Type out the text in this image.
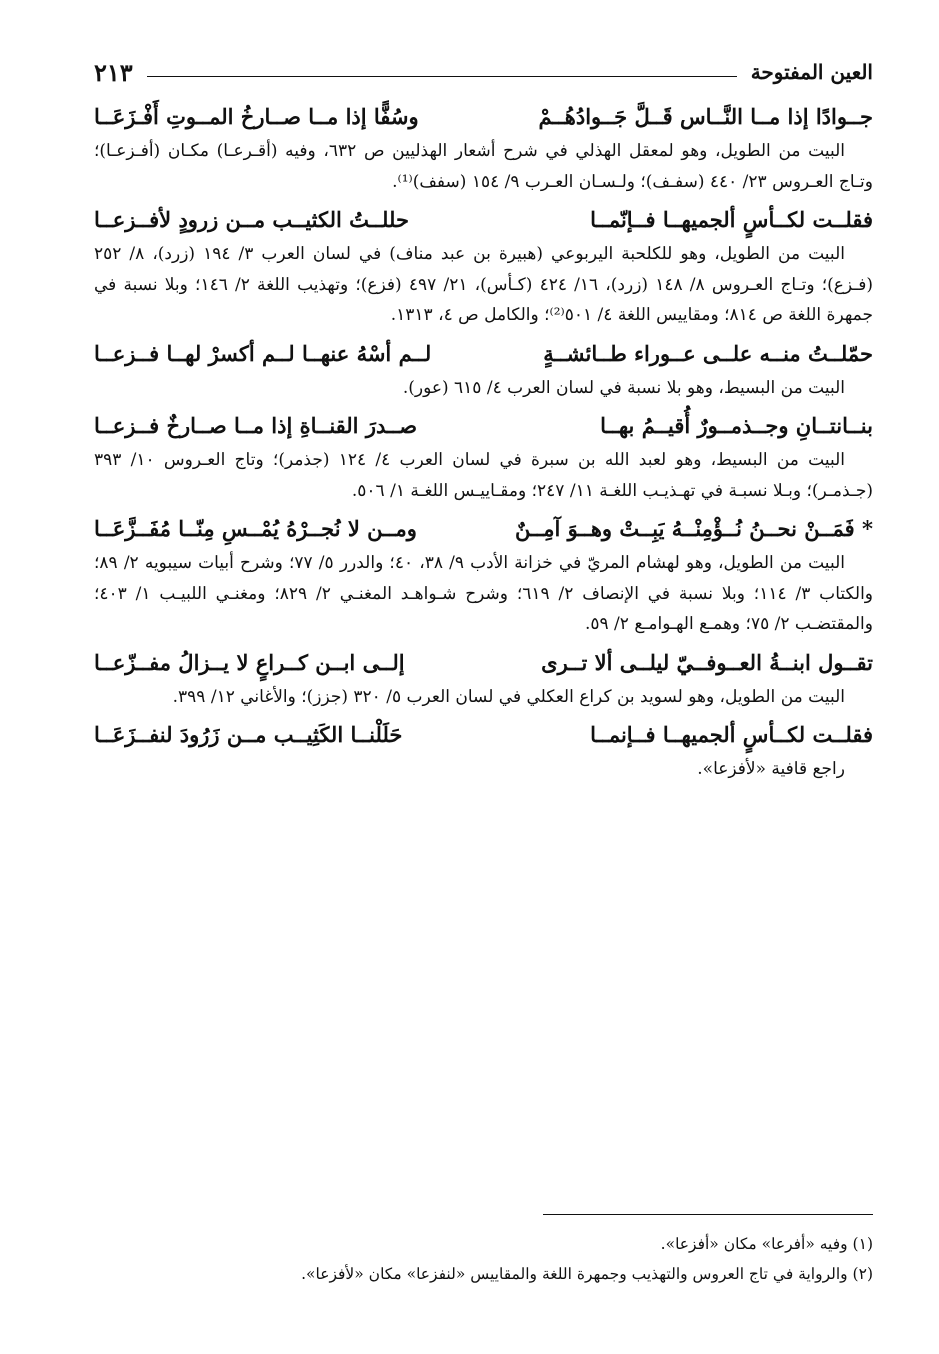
العين المفتوحة
٢١٣
جــوادًا إذا مــا النَّــاس قَــلَّ جَــوادُهُــمْ
وسُفًّا إذا مــا صــارخُ المــوتِ أَفْـزَعَــا

البيت من الطويل، وهو لمعقل الهذلي في شرح أشعار الهذليين ص ٦٣٢، وفيه (أقـرعـا) مكـان (أفـزعـا)؛ وتـاج العـروس ٢٣/ ٤٤٠ (سفـف)؛ ولـسـان العـرب ٩/ ١٥٤ (سفف)⁽¹⁾.

فقلــت لكــأسٍ ألجميهــا فــإنّمــا
حللــتُ الكثيــب مــن زرودٍ لأفــزعــا

البيت من الطويل، وهو للكلحبة اليربوعي (هبيرة بن عبد مناف) في لسان العرب ٣/ ١٩٤ (زرد)، ٨/ ٢٥٢ (فـزع)؛ وتـاج العـروس ٨/ ١٤٨ (زرد)، ١٦/ ٤٢٤ (كـأس)، ٢١/ ٤٩٧ (فزع)؛ وتهذيب اللغة ٢/ ١٤٦؛ وبلا نسبة في جمهرة اللغة ص ٨١٤؛ ومقاييس اللغة ٤/ ٥٠١⁽²⁾؛ والكامل ص ٤، ١٣١٣.

حمّلــتُ منــه علــى عــوراء طــائشــةٍ
لــم أسْهُ عنهــا لــم أكسرْ لهــا فــزعــا

البيت من البسيط، وهو بلا نسبة في لسان العرب ٤/ ٦١٥ (عور).

بنــانتــانِ وجــذمــورٌ أُقيــمُ بهــا
صــدرَ القنــاةِ إذا مــا صــارخٌ فــزعــا

البيت من البسيط، وهو لعبد الله بن سبرة في لسان العرب ٤/ ١٢٤ (جذمر)؛ وتاج العـروس ١٠/ ٣٩٣ (جـذمـر)؛ وبـلا نسبـة في تهـذيـب اللغـة ١١/ ٢٤٧؛ ومقـاييـس اللغـة ١/ ٥٠٦.

* فَمَــنْ نحــنُ نُــؤْمِنْــهُ يَبِــتْ وهــوَ آمِــنٌ
ومــن لا نُجــرْهُ يُمْــسِ مِنّــا مُفَــزَّعَــا

البيت من الطويل، وهو لهشام المريّ في خزانة الأدب ٩/ ٣٨، ٤٠؛ والدرر ٥/ ٧٧؛ وشرح أبيات سيبويه ٢/ ٨٩؛ والكتاب ٣/ ١١٤؛ وبلا نسبة في الإنصاف ٢/ ٦١٩؛ وشرح شـواهـد المغنـي ٢/ ٨٢٩؛ ومغنـي اللبيـب ١/ ٤٠٣؛ والمقتضـب ٢/ ٧٥؛ وهمـع الهـوامـع ٢/ ٥٩.

تقــول ابنــةُ العــوفــيّ ليلــى ألا تــرى
إلــى ابــن كــراعٍ لا يــزالُ مفــزّعــا

البيت من الطويل، وهو لسويد بن كراع العكلي في لسان العرب ٥/ ٣٢٠ (جزز)؛ والأغاني ١٢/ ٣٩٩.

فقلــت لكــأسٍ ألجميهــا فــإنمــا
حَلَلْنــا الكَثِيــب مــن زَرُودَ لنفــزَعَــا

راجع قافية «لأفزعا».

(١) وفيه «أفرعا» مكان «أفزعا».

(٢) والرواية في تاج العروس والتهذيب وجمهرة اللغة والمقاييس «لنفزعا» مكان «لأفزعا».
